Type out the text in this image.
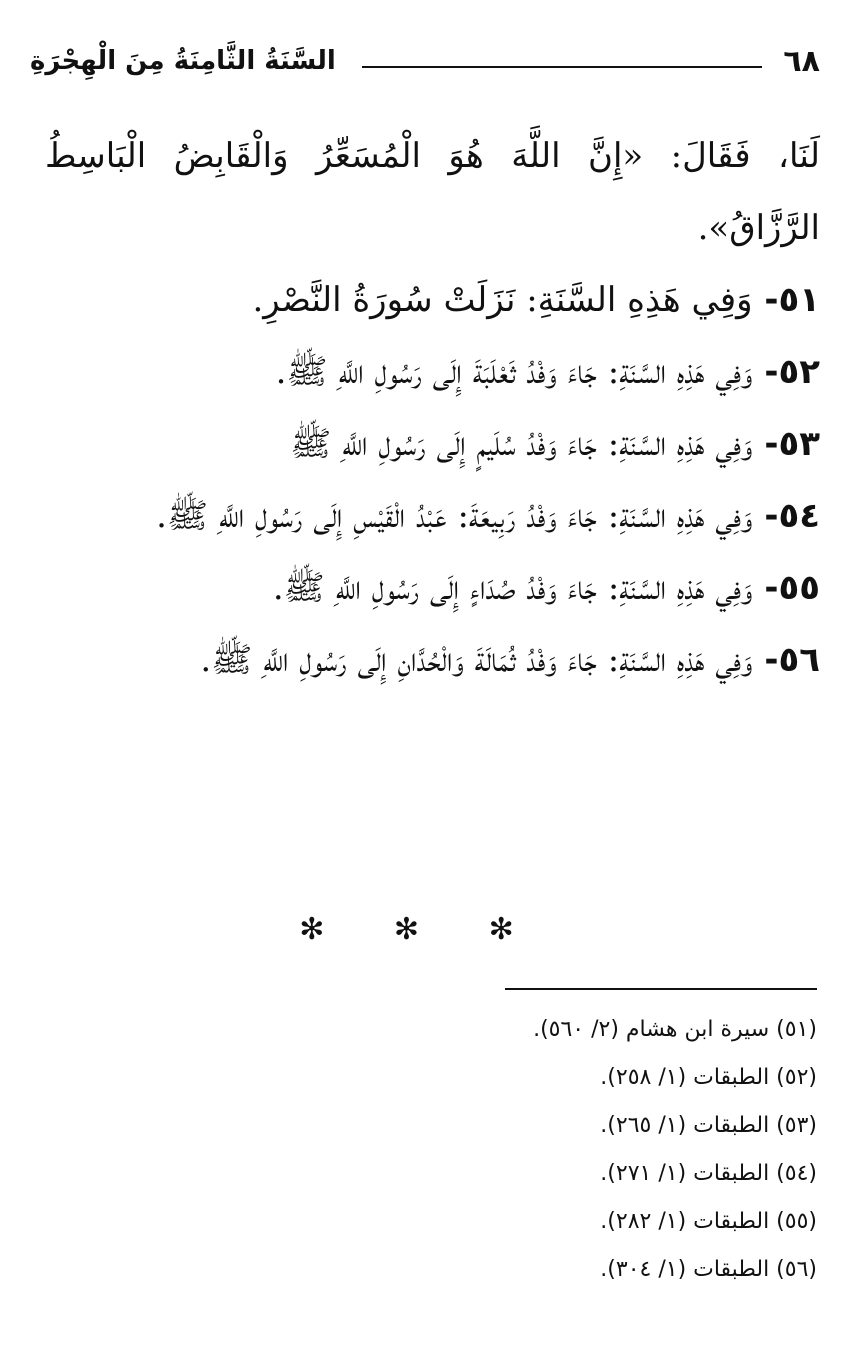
٦٨
السَّنَةُ الثَّامِنَةُ مِنَ الْهِجْرَةِ

لَنَا، فَقَالَ: «إِنَّ اللَّهَ هُوَ الْمُسَعِّرُ وَالْقَابِضُ الْبَاسِطُ الرَّزَّاقُ».

٥١- وَفِي هَذِهِ السَّنَةِ: نَزَلَتْ سُورَةُ النَّصْرِ.

٥٢- وَفِي هَذِهِ السَّنَةِ: جَاءَ وَفْدُ ثَعْلَبَةَ إِلَى رَسُولِ اللَّهِ ﷺ.

٥٣- وَفِي هَذِهِ السَّنَةِ: جَاءَ وَفْدُ سُلَيمٍ إِلَى رَسُولِ اللَّهِ ﷺ

٥٤- وَفِي هَذِهِ السَّنَةِ: جَاءَ وَفْدُ رَبِيعَةَ: عَبْدُ الْقَيْسِ إِلَى رَسُولِ اللَّهِ ﷺ.

٥٥- وَفِي هَذِهِ السَّنَةِ: جَاءَ وَفْدُ صُدَاءٍ إِلَى رَسُولِ اللَّهِ ﷺ.

٥٦- وَفِي هَذِهِ السَّنَةِ: جَاءَ وَفْدُ ثُمَالَةَ وَالْحُدَّانِ إِلَى رَسُولِ اللَّهِ ﷺ.

✻ ✻ ✻

(٥١) سيرة ابن هشام (٢/ ٥٦٠).

(٥٢) الطبقات (١/ ٢٥٨).

(٥٣) الطبقات (١/ ٢٦٥).

(٥٤) الطبقات (١/ ٢٧١).

(٥٥) الطبقات (١/ ٢٨٢).

(٥٦) الطبقات (١/ ٣٠٤).
